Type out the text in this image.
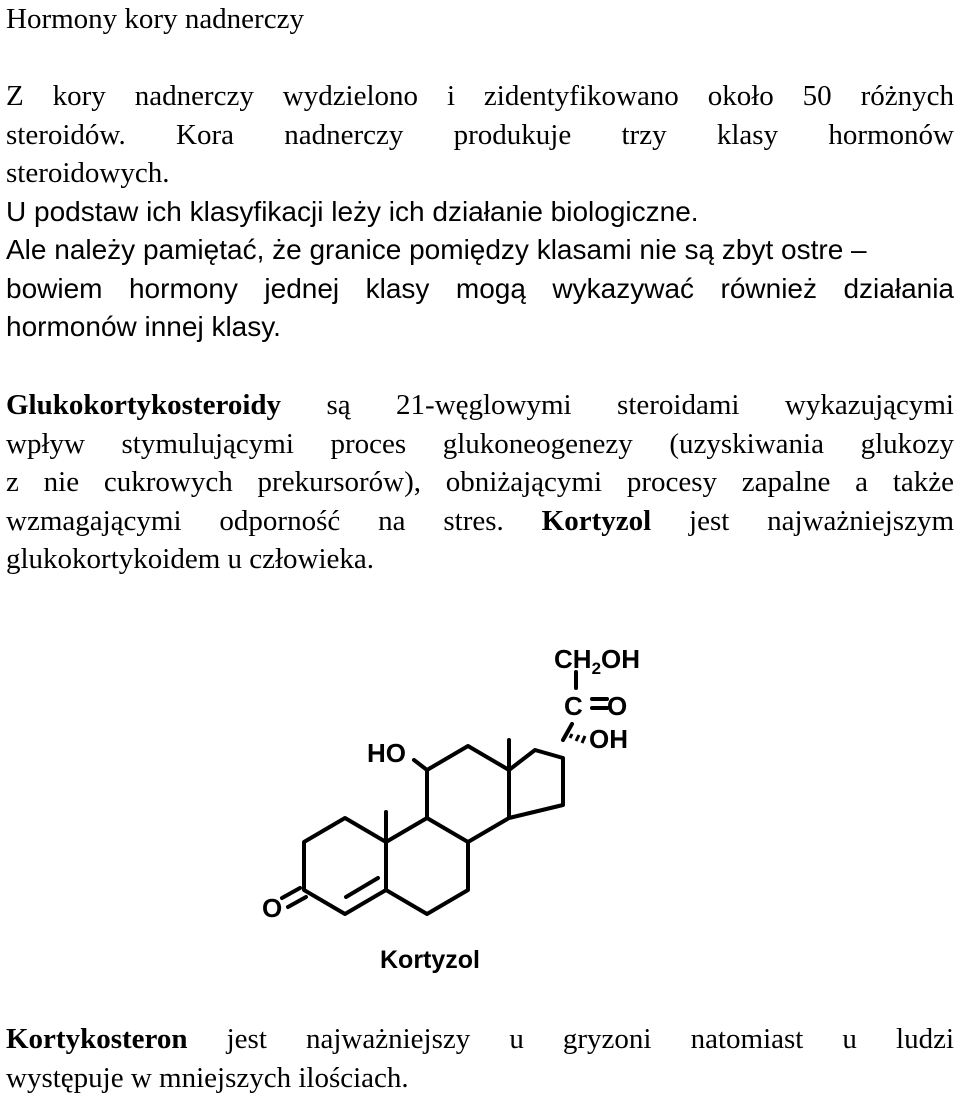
Hormony kory nadnerczy
Z kory nadnerczy wydzielono i zidentyfikowano około 50 różnych
steroidów. Kora nadnerczy produkuje trzy klasy hormonów
steroidowych.
U podstaw ich klasyfikacji leży ich działanie biologiczne.
Ale należy pamiętać, że granice pomiędzy klasami nie są zbyt ostre –
bowiem hormony jednej klasy mogą wykazywać również działania
hormonów innej klasy.
Glukokortykosteroidy są 21-węglowymi steroidami wykazującymi
wpływ stymulującymi proces glukoneogenezy (uzyskiwania glukozy
z nie cukrowych prekursorów), obniżającymi procesy zapalne a także
wzmagającymi odporność na stres. Kortyzol jest najważniejszym
glukokortykoidem u człowieka.
$CH_2OH$
C O
OH
HO
O
Kortyzol
Kortykosteron jest najważniejszy u gryzoni natomiast u ludzi
występuje w mniejszych ilościach.
